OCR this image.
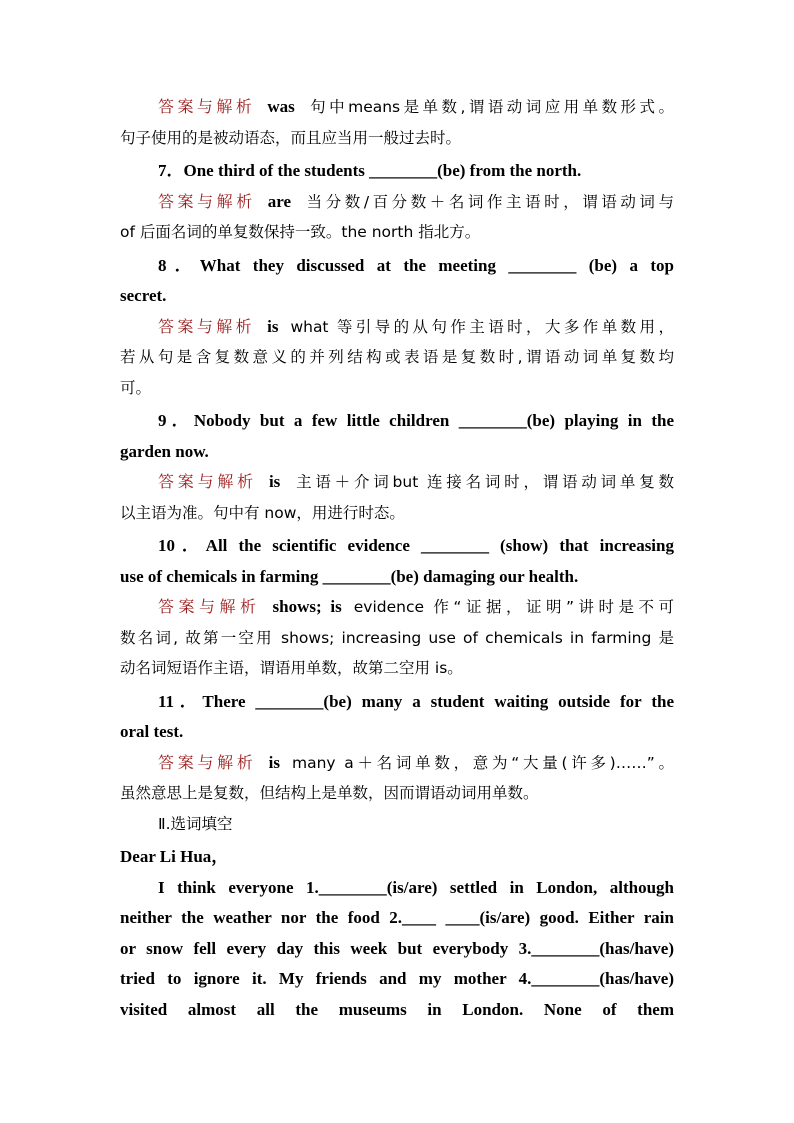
答案与解析 was 句中means是单数,谓语动词应用单数形式。
句子使用的是被动语态，而且应当用一般过去时。
7．One third of the students ________(be) from the north.
答案与解析 are 当分数/百分数＋名词作主语时，谓语动词与
of 后面名词的单复数保持一致。the north 指北方。
8．What they discussed at the meeting ________ (be) a top
secret.
答案与解析 is what 等引导的从句作主语时，大多作单数用，
若从句是含复数意义的并列结构或表语是复数时,谓语动词单复数均
可。
9．Nobody but a few little children ________(be) playing in the
garden now.
答案与解析 is 主语＋介词but 连接名词时，谓语动词单复数
以主语为准。句中有 now，用进行时态。
10．All the scientific evidence ________ (show) that increasing
use of chemicals in farming ________(be) damaging our health.
答案与解析 shows; is evidence 作“证据，证明”讲时是不可
数名词, 故第一空用 shows; increasing use of chemicals in farming 是
动名词短语作主语，谓语用单数，故第二空用 is。
11．There ________(be) many a student waiting outside for the
oral test.
答案与解析 is many a＋名词单数，意为“大量(许多)……”。
虽然意思上是复数，但结构上是单数，因而谓语动词用单数。
Ⅱ.选词填空
Dear Li Hua，
I think everyone 1.________(is/are) settled in London, although
neither the weather nor the food 2.____ ____(is/are) good. Either rain
or snow fell every day this week but everybody 3.________(has/have)
tried to ignore it. My friends and my mother 4.________(has/have)
visited almost all the museums in London. None of them
